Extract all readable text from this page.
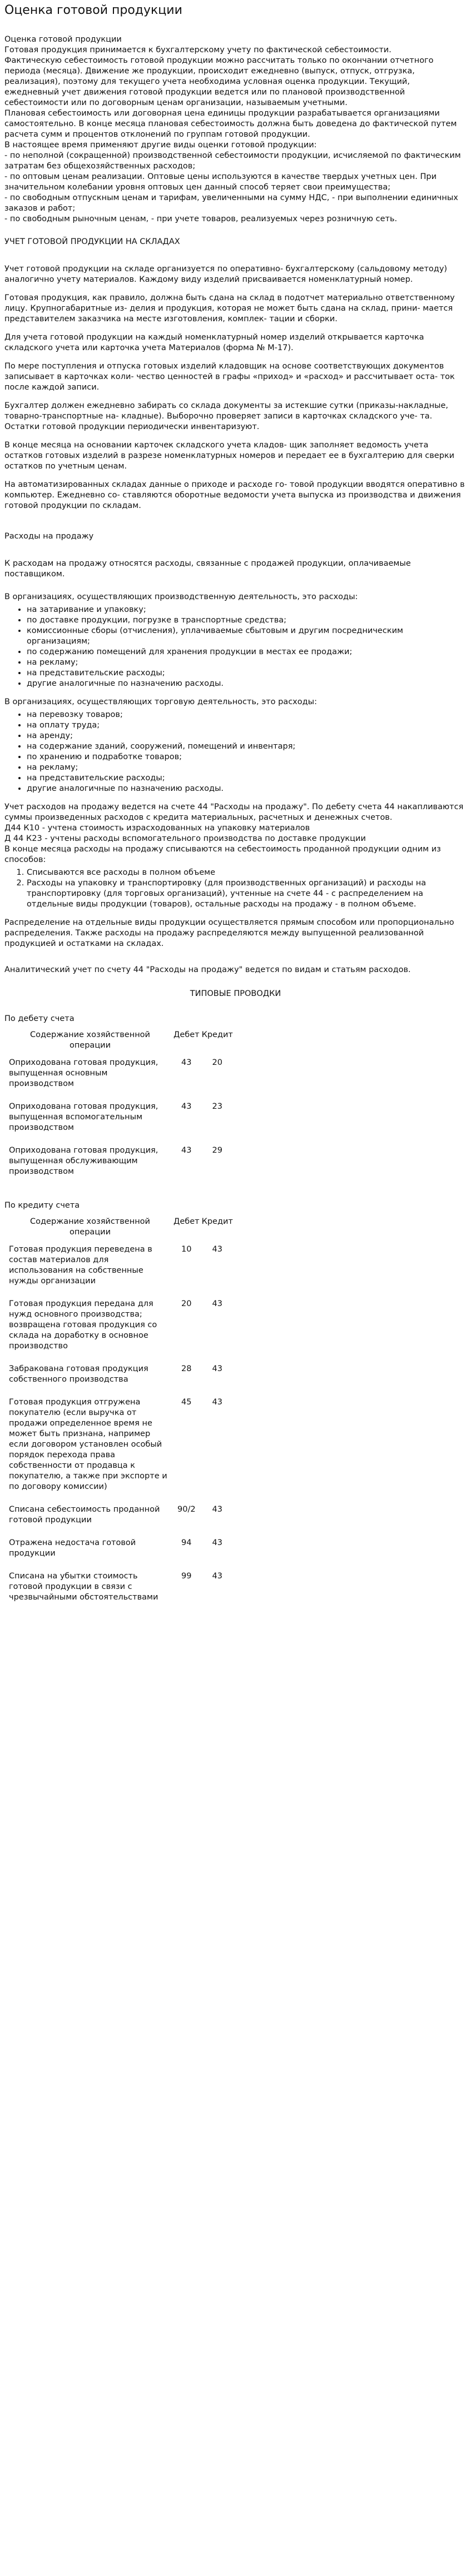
Оценка готовой продукции

Оценка готовой продукции

Готовая продукция принимается к бухгалтерскому учету по фактической себестоимости.

Фактическую себестоимость готовой продукции можно рассчитать только по окончании отчетного периода (месяца). Движение же продукции, происходит ежедневно (выпуск, отпуск, отгрузка, реализация), поэтому для текущего учета необходима условная оценка продукции. Текущий, ежедневный учет движения готовой продукции ведется или по плановой производственной себестоимости или по договорным ценам организации, называемым учетными.

Плановая себестоимость или договорная цена единицы продукции разрабатывается организациями самостоятельно. В конце месяца плановая себестоимость должна быть доведена до фактической путем расчета сумм и процентов отклонений по группам готовой продукции.

В настоящее время применяют другие виды оценки готовой продукции:

- по неполной (сокращенной) производственной себестоимости продукции, исчисляемой по фактическим затратам без общехозяйственных расходов;

- по оптовым ценам реализации. Оптовые цены используются в качестве твердых учетных цен. При значительном колебании уровня оптовых цен данный способ теряет свои преимущества;

- по свободным отпускным ценам и тарифам, увеличенными на сумму НДС, - при выполнении единичных заказов и работ;

- по свободным рыночным ценам, - при учете товаров, реализуемых через розничную сеть.

УЧЕТ ГОТОВОЙ ПРОДУКЦИИ НА СКЛАДАХ

Учет готовой продукции на складе организуется по оперативно- бухгалтерскому (сальдовому методу) аналогично учету материалов. Каждому виду изделий присваивается номенклатурный номер.

Готовая продукция, как правило, должна быть сдана на склад в подотчет материально ответственному лицу. Крупногабаритные из- делия и продукция, которая не может быть сдана на склад, прини- мается представителем заказчика на месте изготовления, комплек- тации и сборки.

Для учета готовой продукции на каждый номенклатурный номер изделий открывается карточка складского учета или карточка учета Материалов (форма № М-17).

По мере поступления и отпуска готовых изделий кладовщик на основе соответствующих документов записывает в карточках коли- чество ценностей в графы «приход» и «расход» и рассчитывает оста- ток после каждой записи.

Бухгалтер должен ежедневно забирать со склада документы за истекшие сутки (приказы-накладные, товарно-транспортные на- кладные). Выборочно проверяет записи в карточках складского уче- та. Остатки готовой продукции периодически инвентаризуют.

В конце месяца на основании карточек складского учета кладов- щик заполняет ведомость учета остатков готовых изделий в разрезе номенклатурных номеров и передает ее в бухгалтерию для сверки остатков по учетным ценам.

На автоматизированных складах данные о приходе и расходе го- товой продукции вводятся оперативно в компьютер. Ежедневно со- ставляются оборотные ведомости учета выпуска из производства и движения готовой продукции по складам.

Расходы на продажу

К расходам на продажу относятся расходы, связанные с продажей продукции, оплачиваемые поставщиком.

В организациях, осуществляющих производственную деятельность, это расходы:

• на затаривание и упаковку;
• по доставке продукции, погрузке в транспортные средства;
• комиссионные сборы (отчисления), уплачиваемые сбытовым и другим посредническим организациям;
• по содержанию помещений для хранения продукции в местах ее продажи;
• на рекламу;
• на представительские расходы;
• другие аналогичные по назначению расходы.

В организациях, осуществляющих торговую деятельность, это расходы:

• на перевозку товаров;
• на оплату труда;
• на аренду;
• на содержание зданий, сооружений, помещений и инвентаря;
• по хранению и подработке товаров;
• на рекламу;
• на представительские расходы;
• другие аналогичные по назначению расходы.

Учет расходов на продажу ведется на счете 44 "Расходы на продажу". По дебету счета 44 накапливаются суммы произведенных расходов с кредита материальных, расчетных и денежных счетов.

Д44 К10 - учтена стоимость израсходованных на упаковку материалов

Д 44 К23 - учтены расходы вспомогательного производства по доставке продукции

В конце месяца расходы на продажу списываются на себестоимость проданной продукции одним из способов:

1. Списываются все расходы в полном объеме
2. Расходы на упаковку и транспортировку (для производственных организаций) и расходы на транспортировку (для торговых организаций), учтенные на счете 44 - с распределением на отдельные виды продукции (товаров), остальные расходы на продажу - в полном объеме.

Распределение на отдельные виды продукции осуществляется прямым способом или пропорционально распределения. Также расходы на продажу распределяются между выпущенной реализованной продукцией и остатками на складах.

Аналитический учет по счету 44 "Расходы на продажу" ведется по видам и статьям расходов.

ТИПОВЫЕ ПРОВОДКИ

По дебету счета

Содержание хозяйственной операции	Дебет	Кредит
Оприходована готовая продукция, выпущенная основным производством	43	20
Оприходована готовая продукция, выпущенная вспомогательным производством	43	23
Оприходована готовая продукция, выпущенная обслуживающим производством	43	29

По кредиту счета

Содержание хозяйственной операции	Дебет	Кредит
Готовая продукция переведена в состав материалов для использования на собственные нужды организации	10	43
Готовая продукция передана для нужд основного производства; возвращена готовая продукция со склада на доработку в основное производство	20	43
Забракована готовая продукция собственного производства	28	43
Готовая продукция отгружена покупателю (если выручка от продажи определенное время не может быть признана, например если договором установлен особый порядок перехода права собственности от продавца к покупателю, а также при экспорте и по договору комиссии)	45	43
Списана себестоимость проданной готовой продукции	90/2	43
Отражена недостача готовой продукции	94	43
Списана на убытки стоимость готовой продукции в связи с чрезвычайными обстоятельствами	99	43
